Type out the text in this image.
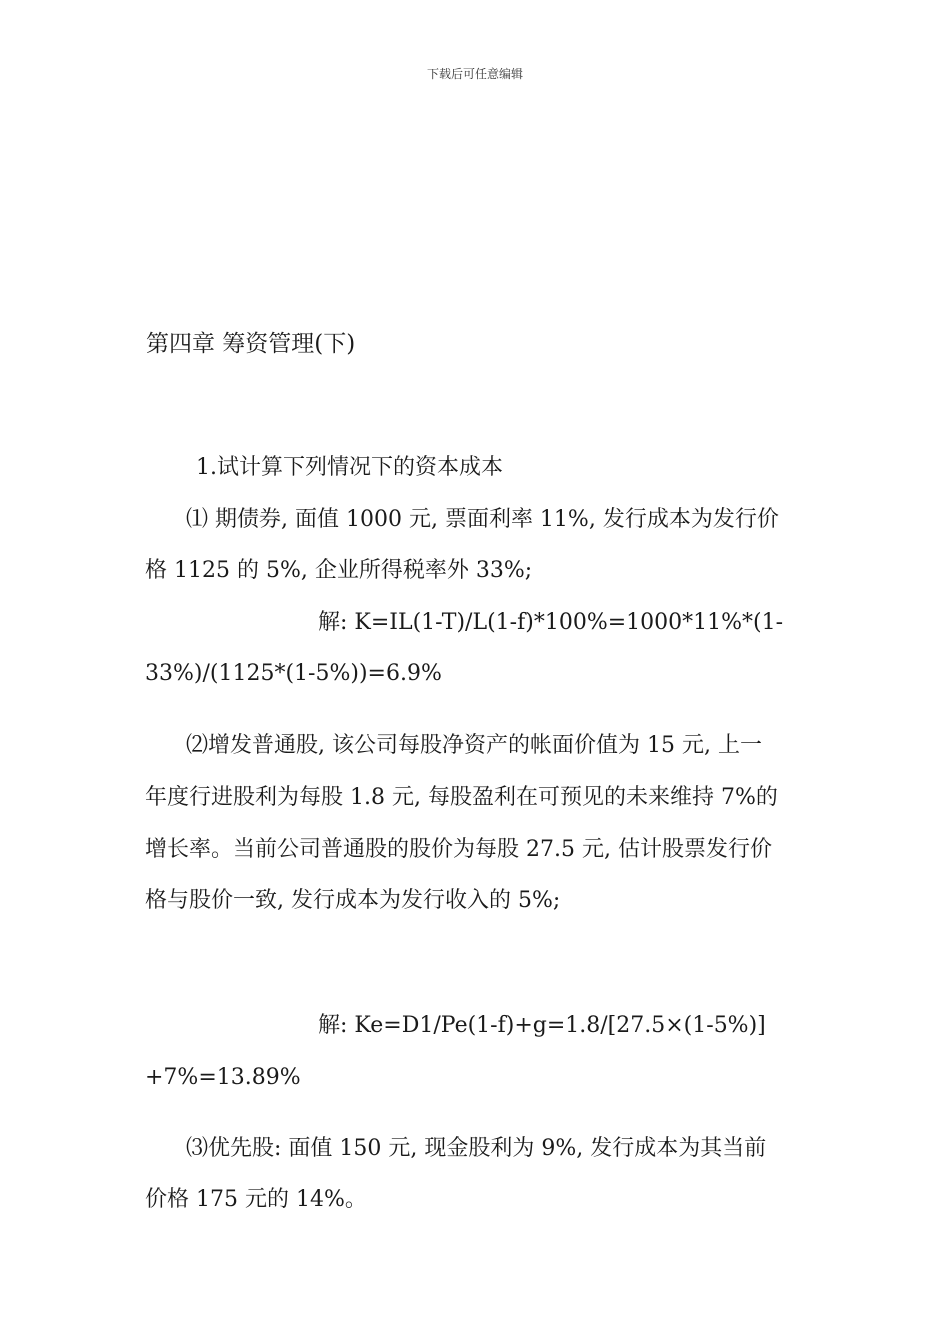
下载后可任意编辑
第四章 筹资管理(下)
1.试计算下列情况下的资本成本
⑴ 期债券, 面值 1000 元, 票面利率 11%, 发行成本为发行价
格 1125 的 5%, 企业所得税率外 33%;
解: K=IL(1-T)/L(1-f)*100%=1000*11%*(1-
33%)/(1125*(1-5%))=6.9%
⑵增发普通股, 该公司每股净资产的帐面价值为 15 元, 上一
年度行进股利为每股 1.8 元, 每股盈利在可预见的未来维持 7%的
增长率。当前公司普通股的股价为每股 27.5 元, 估计股票发行价
格与股价一致, 发行成本为发行收入的 5%;
解: Ke=D1/Pe(1-f)+g=1.8/[27.5×(1-5%)]
+7%=13.89%
⑶优先股: 面值 150 元, 现金股利为 9%, 发行成本为其当前
价格 175 元的 14%。
